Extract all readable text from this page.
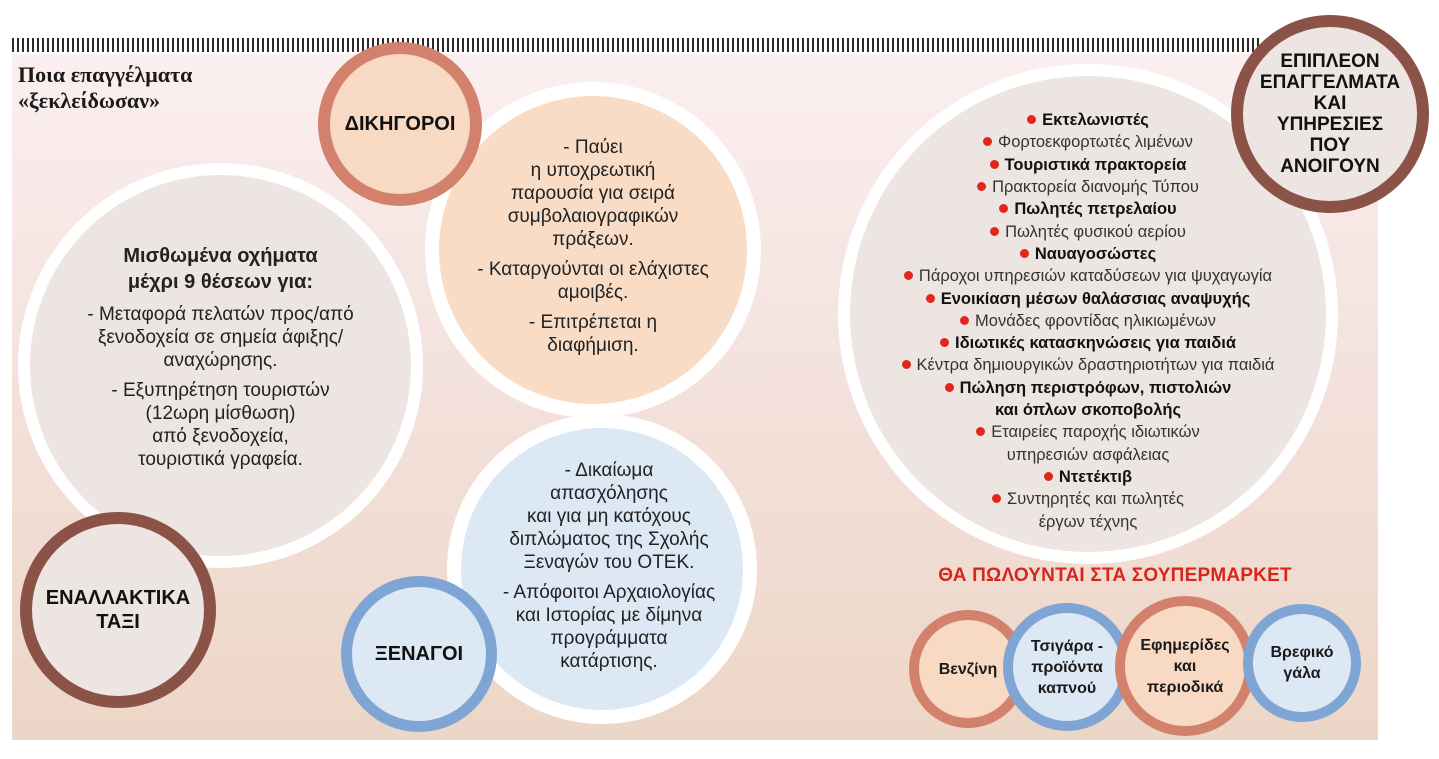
Ποια επαγγέλματα «ξεκλείδωσαν»

Μισθωμένα οχήματα
μέχρι 9 θέσεων για:

- Μεταφορά πελατών προς/από
ξενοδοχεία σε σημεία άφιξης/
αναχώρησης.

- Εξυπηρέτηση τουριστών
(12ωρη μίσθωση)
από ξενοδοχεία,
τουριστικά γραφεία.

- Παύει
η υποχρεωτική
παρουσία για σειρά
συμβολαιογραφικών
πράξεων.

- Καταργούνται οι ελάχιστες
αμοιβές.

- Επιτρέπεται η
διαφήμιση.

- Δικαίωμα
απασχόλησης
και για μη κατόχους
διπλώματος της Σχολής
Ξεναγών του ΟΤΕΚ.

- Απόφοιτοι Αρχαιολογίας
και Ιστορίας με δίμηνα
προγράμματα
κατάρτισης.

Εκτελωνιστές
Φορτοεκφορτωτές λιμένων
Τουριστικά πρακτορεία
Πρακτορεία διανομής Τύπου
Πωλητές πετρελαίου
Πωλητές φυσικού αερίου
Ναυαγοσώστες
Πάροχοι υπηρεσιών καταδύσεων για ψυχαγωγία
Ενοικίαση μέσων θαλάσσιας αναψυχής
Μονάδες φροντίδας ηλικιωμένων
Ιδιωτικές κατασκηνώσεις για παιδιά
Κέντρα δημιουργικών δραστηριοτήτων για παιδιά
Πώληση περιστρόφων, πιστολιών
και όπλων σκοποβολής
Εταιρείες παροχής ιδιωτικών
υπηρεσιών ασφάλειας
Ντετέκτιβ
Συντηρητές και πωλητές
έργων τέχνης
ΔΙΚΗΓΟΡΟΙ
ΕΝΑΛΛΑΚΤΙΚΑ ΤΑΞΙ
ΞΕΝΑΓΟΙ
ΕΠΙΠΛΕΟΝ ΕΠΑΓΓΕΛΜΑΤΑ ΚΑΙ ΥΠΗΡΕΣΙΕΣ ΠΟΥ ΑΝΟΙΓΟΥΝ
ΘΑ ΠΩΛΟΥΝΤΑΙ ΣΤΑ ΣΟΥΠΕΡΜΑΡΚΕΤ
Βενζίνη
Τσιγάρα -
προϊόντα
καπνού
Εφημερίδες
και
περιοδικά
Βρεφικό
γάλα
